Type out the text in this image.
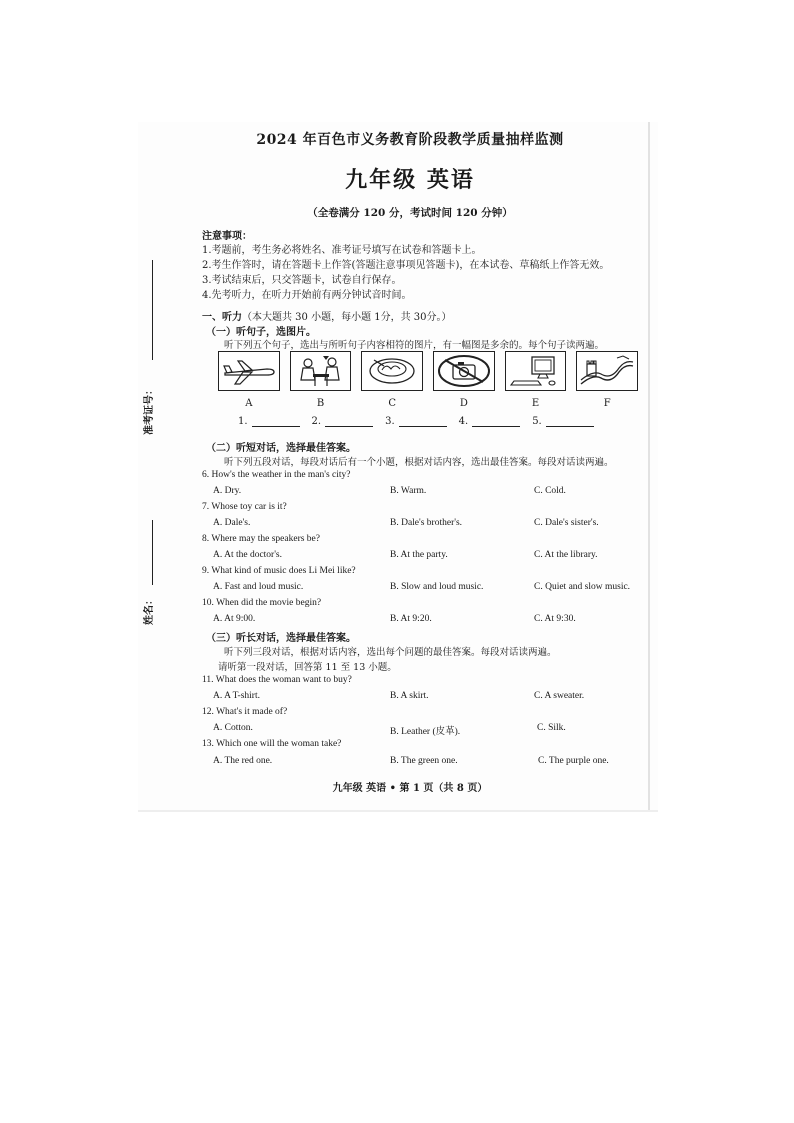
准考证号：
姓名：
2024 年百色市义务教育阶段教学质量抽样监测
九年级 英语
（全卷满分 120 分，考试时间 120 分钟）
注意事项：
1.考题前，考生务必将姓名、准考证号填写在试卷和答题卡上。
2.考生作答时，请在答题卡上作答(答题注意事项见答题卡)，在本试卷、草稿纸上作答无效。
3.考试结束后，只交答题卡，试卷自行保存。
4.先考听力，在听力开始前有两分钟试音时间。
一、听力（本大题共 30 小题，每小题 1分，共 30分。）
（一）听句子，选图片。
听下列五个句子，选出与所听句子内容相符的图片，有一幅图是多余的。每个句子读两遍。
A	B	C	D	E	F
1.	2.	3.	4.	5.
（二）听短对话，选择最佳答案。
听下列五段对话，每段对话后有一个小题，根据对话内容，选出最佳答案。每段对话读两遍。
6. How's the weather in the man's city?
A. Dry.	B. Warm.	C. Cold.
7. Whose toy car is it?
A. Dale's.	B. Dale's brother's.	C. Dale's sister's.
8. Where may the speakers be?
A. At the doctor's.	B. At the party.	C. At the library.
9. What kind of music does Li Mei like?
A. Fast and loud music.	B. Slow and loud music.	C. Quiet and slow music.
10. When did the movie begin?
A. At 9:00.	B. At 9:20.	C. At 9:30.
（三）听长对话，选择最佳答案。
听下列三段对话，根据对话内容，选出每个问题的最佳答案。每段对话读两遍。
请听第一段对话，回答第 11 至 13 小题。
11. What does the woman want to buy?
A. A T-shirt.	B. A skirt.	C. A sweater.
12. What's it made of?
A. Cotton.	B. Leather (皮革).	C. Silk.
13. Which one will the woman take?
A. The red one.	B. The green one.	C. The purple one.
九年级 英语 • 第 1 页（共 8 页）
